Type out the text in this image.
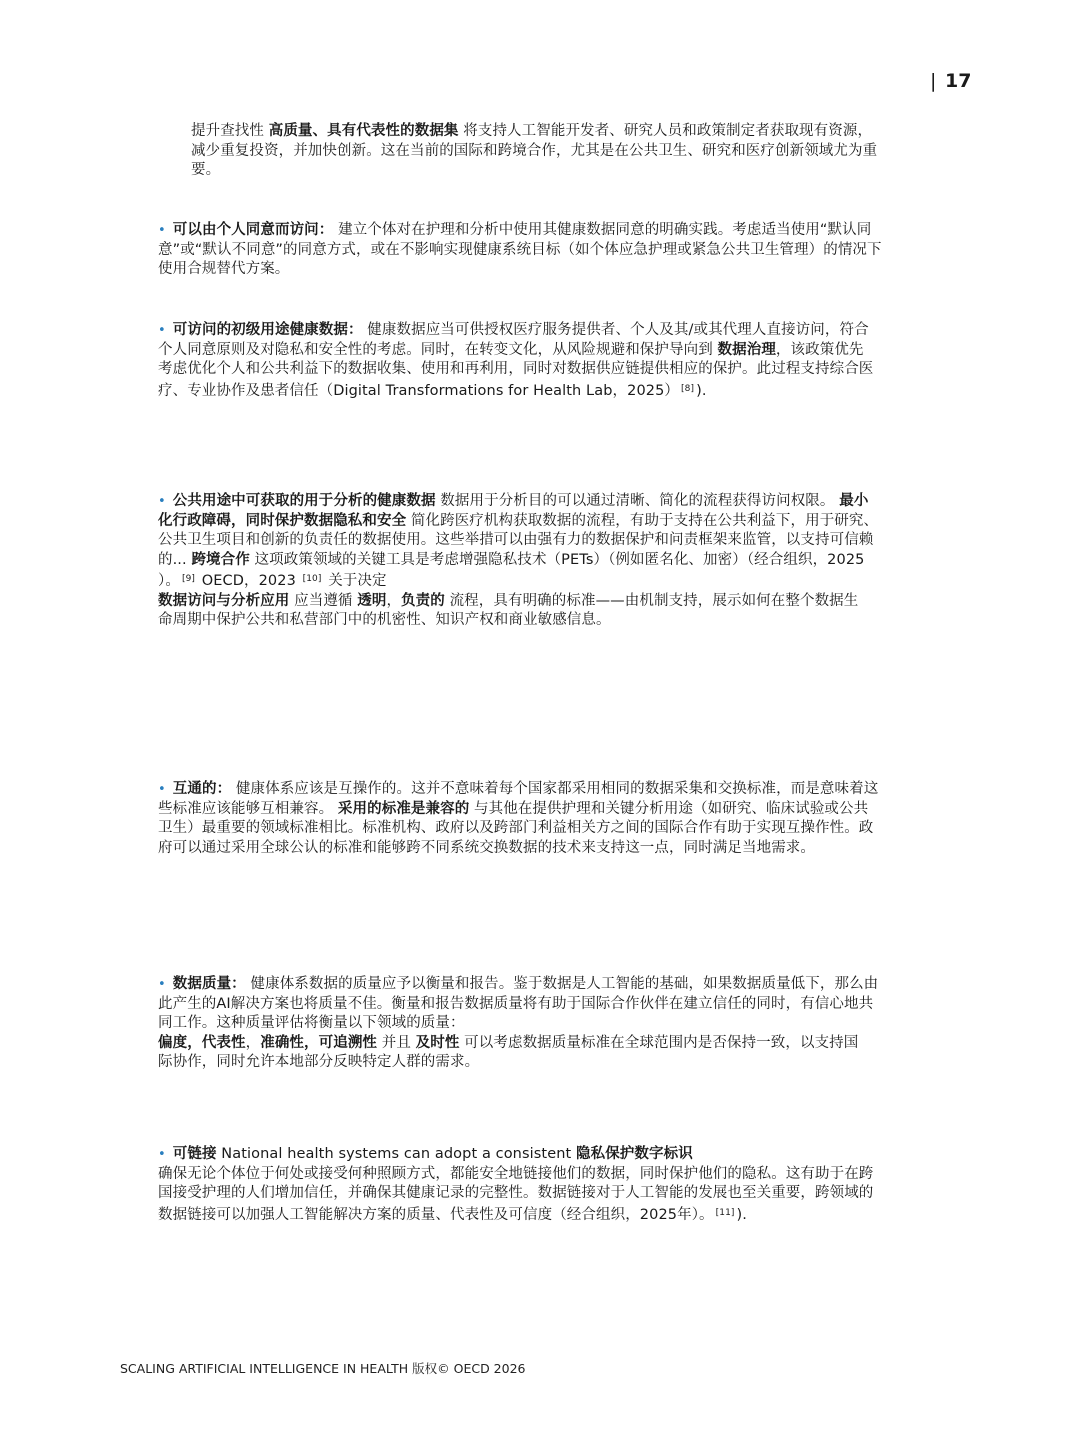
| 17

提升查找性 高质量、具有代表性的数据集 将支持人工智能开发者、研究人员和政策制定者获取现有资源，

减少重复投资，并加快创新。这在当前的国际和跨境合作，尤其是在公共卫生、研究和医疗创新领域尤为重

要。

• 可以由个人同意而访问： 建立个体对在护理和分析中使用其健康数据同意的明确实践。考虑适当使用“默认同

意”或“默认不同意”的同意方式，或在不影响实现健康系统目标（如个体应急护理或紧急公共卫生管理）的情况下

使用合规替代方案。

• 可访问的初级用途健康数据： 健康数据应当可供授权医疗服务提供者、个人及其/或其代理人直接访问，符合

个人同意原则及对隐私和安全性的考虑。同时，在转变文化，从风险规避和保护导向到 数据治理，该政策优先

考虑优化个人和公共利益下的数据收集、使用和再利用，同时对数据供应链提供相应的保护。此过程支持综合医

疗、专业协作及患者信任（Digital Transformations for Health Lab，2025） [8] ).

• 公共用途中可获取的用于分析的健康数据 数据用于分析目的可以通过清晰、简化的流程获得访问权限。 最小

化行政障碍，同时保护数据隐私和安全 简化跨医疗机构获取数据的流程，有助于支持在公共利益下，用于研究、

公共卫生项目和创新的负责任的数据使用。这些举措可以由强有力的数据保护和问责框架来监管，以支持可信赖

的... 跨境合作 这项政策领域的关键工具是考虑增强隐私技术（PETs）（例如匿名化、加密）（经合组织，2025

）。 [9] OECD，2023 [10] 关于决定

数据访问与分析应用 应当遵循 透明，负责的 流程，具有明确的标准——由机制支持，展示如何在整个数据生

命周期中保护公共和私营部门中的机密性、知识产权和商业敏感信息。

• 互通的： 健康体系应该是互操作的。这并不意味着每个国家都采用相同的数据采集和交换标准，而是意味着这

些标准应该能够互相兼容。 采用的标准是兼容的 与其他在提供护理和关键分析用途（如研究、临床试验或公共

卫生）最重要的领域标准相比。标准机构、政府以及跨部门利益相关方之间的国际合作有助于实现互操作性。政

府可以通过采用全球公认的标准和能够跨不同系统交换数据的技术来支持这一点，同时满足当地需求。

• 数据质量： 健康体系数据的质量应予以衡量和报告。鉴于数据是人工智能的基础，如果数据质量低下，那么由

此产生的AI解决方案也将质量不佳。衡量和报告数据质量将有助于国际合作伙伴在建立信任的同时，有信心地共

同工作。这种质量评估将衡量以下领域的质量：

偏度，代表性，准确性，可追溯性 并且 及时性 可以考虑数据质量标准在全球范围内是否保持一致，以支持国

际协作，同时允许本地部分反映特定人群的需求。

• 可链接 National health systems can adopt a consistent 隐私保护数字标识

确保无论个体位于何处或接受何种照顾方式，都能安全地链接他们的数据，同时保护他们的隐私。这有助于在跨

国接受护理的人们增加信任，并确保其健康记录的完整性。数据链接对于人工智能的发展也至关重要，跨领域的

数据链接可以加强人工智能解决方案的质量、代表性及可信度（经合组织，2025年）。 [11] ).

SCALING ARTIFICIAL INTELLIGENCE IN HEALTH 版权© OECD 2026
